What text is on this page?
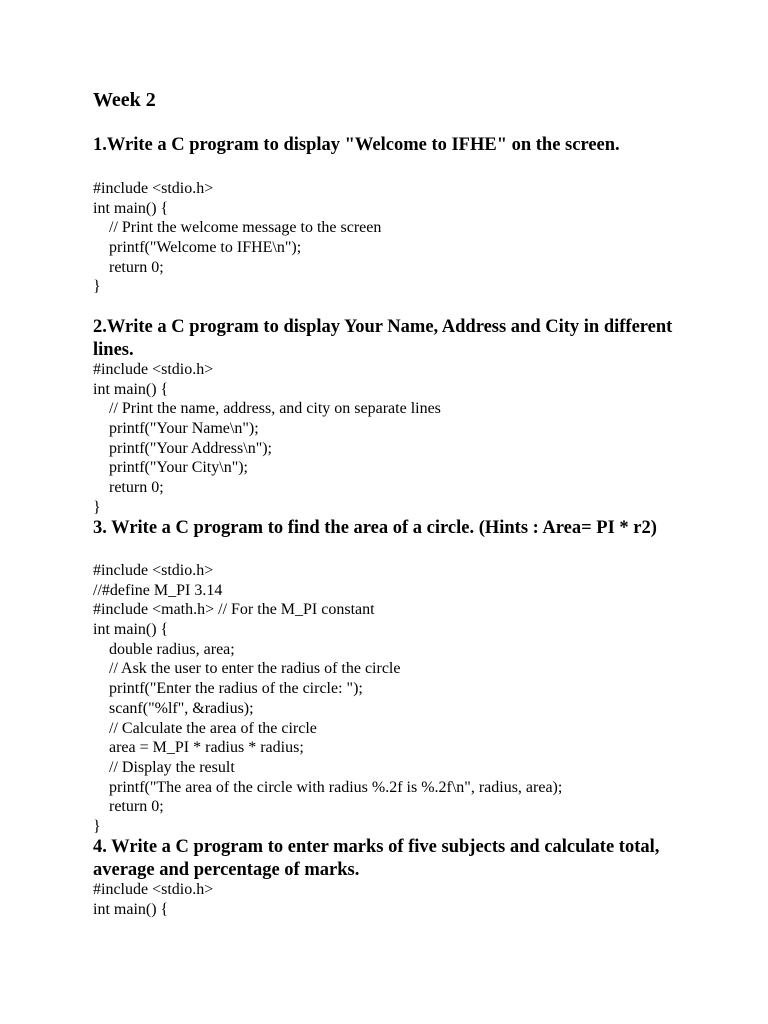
Week 2
1.Write a C program to display "Welcome to IFHE" on the screen.
#include <stdio.h>
int main() {
// Print the welcome message to the screen
printf("Welcome to IFHE\n");
return 0;
}
2.Write a C program to display Your Name, Address and City in different lines.
#include <stdio.h>
int main() {
// Print the name, address, and city on separate lines
printf("Your Name\n");
printf("Your Address\n");
printf("Your City\n");
return 0;
}
3. Write a C program to find the area of a circle. (Hints : Area= PI * r2)
#include <stdio.h>
//#define M_PI 3.14
#include <math.h> // For the M_PI constant
int main() {
double radius, area;
// Ask the user to enter the radius of the circle
printf("Enter the radius of the circle: ");
scanf("%lf", &radius);
// Calculate the area of the circle
area = M_PI * radius * radius;
// Display the result
printf("The area of the circle with radius %.2f is %.2f\n", radius, area);
return 0;
}
4. Write a C program to enter marks of five subjects and calculate total, average and percentage of marks.
#include <stdio.h>
int main() {
